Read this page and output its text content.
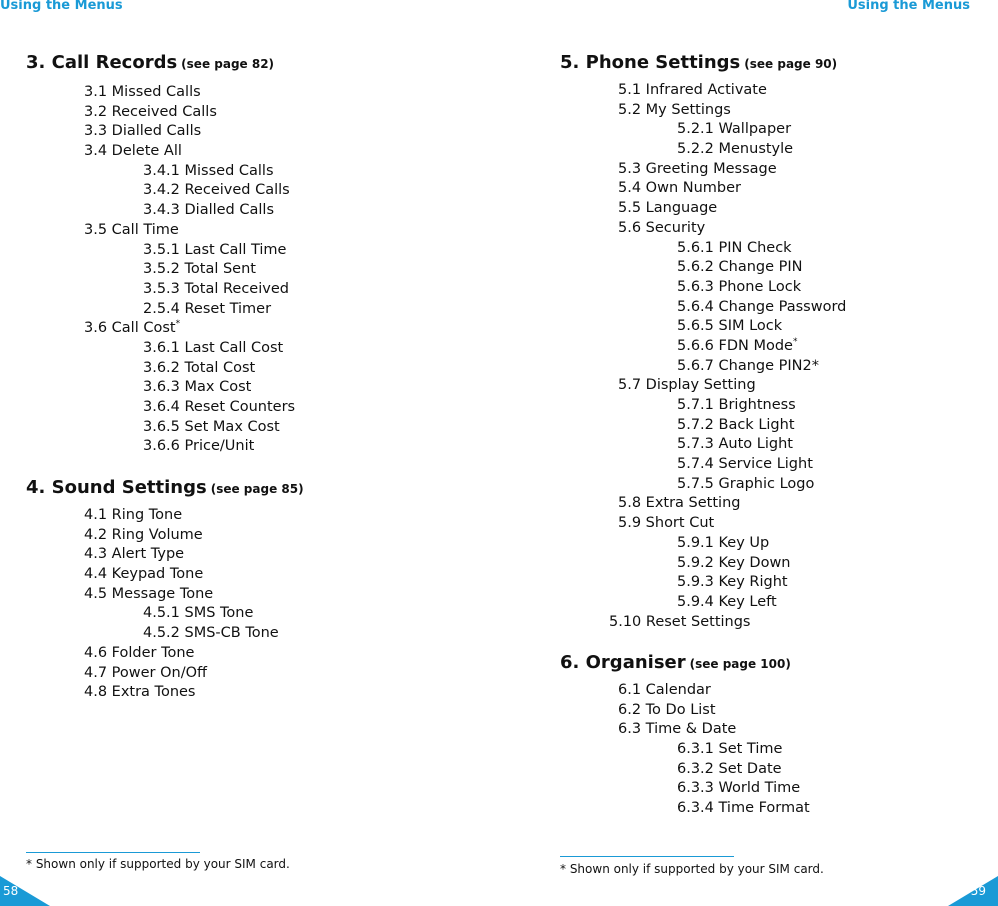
Using the Menus
3. Call Records (see page 82)
3.1 Missed Calls
3.2 Received Calls
3.3 Dialled Calls
3.4 Delete All
3.4.1 Missed Calls
3.4.2 Received Calls
3.4.3 Dialled Calls
3.5 Call Time
3.5.1 Last Call Time
3.5.2 Total Sent
3.5.3 Total Received
2.5.4 Reset Timer
3.6 Call Cost*
3.6.1 Last Call Cost
3.6.2 Total Cost
3.6.3 Max Cost
3.6.4 Reset Counters
3.6.5 Set Max Cost
3.6.6 Price/Unit
4. Sound Settings (see page 85)
4.1 Ring Tone
4.2 Ring Volume
4.3 Alert Type
4.4 Keypad Tone
4.5 Message Tone
4.5.1 SMS Tone
4.5.2 SMS-CB Tone
4.6 Folder Tone
4.7 Power On/Off
4.8 Extra Tones
* Shown only if supported by your SIM card.
58
Using the Menus
5. Phone Settings (see page 90)
5.1 Infrared Activate
5.2 My Settings
5.2.1 Wallpaper
5.2.2 Menustyle
5.3 Greeting Message
5.4 Own Number
5.5 Language
5.6 Security
5.6.1 PIN Check
5.6.2 Change PIN
5.6.3 Phone Lock
5.6.4 Change Password
5.6.5 SIM Lock
5.6.6 FDN Mode*
5.6.7 Change PIN2*
5.7 Display Setting
5.7.1 Brightness
5.7.2 Back Light
5.7.3 Auto Light
5.7.4 Service Light
5.7.5 Graphic Logo
5.8 Extra Setting
5.9 Short Cut
5.9.1 Key Up
5.9.2 Key Down
5.9.3 Key Right
5.9.4 Key Left
5.10 Reset Settings
6. Organiser (see page 100)
6.1 Calendar
6.2 To Do List
6.3 Time & Date
6.3.1 Set Time
6.3.2 Set Date
6.3.3 World Time
6.3.4 Time Format
* Shown only if supported by your SIM card.
59
